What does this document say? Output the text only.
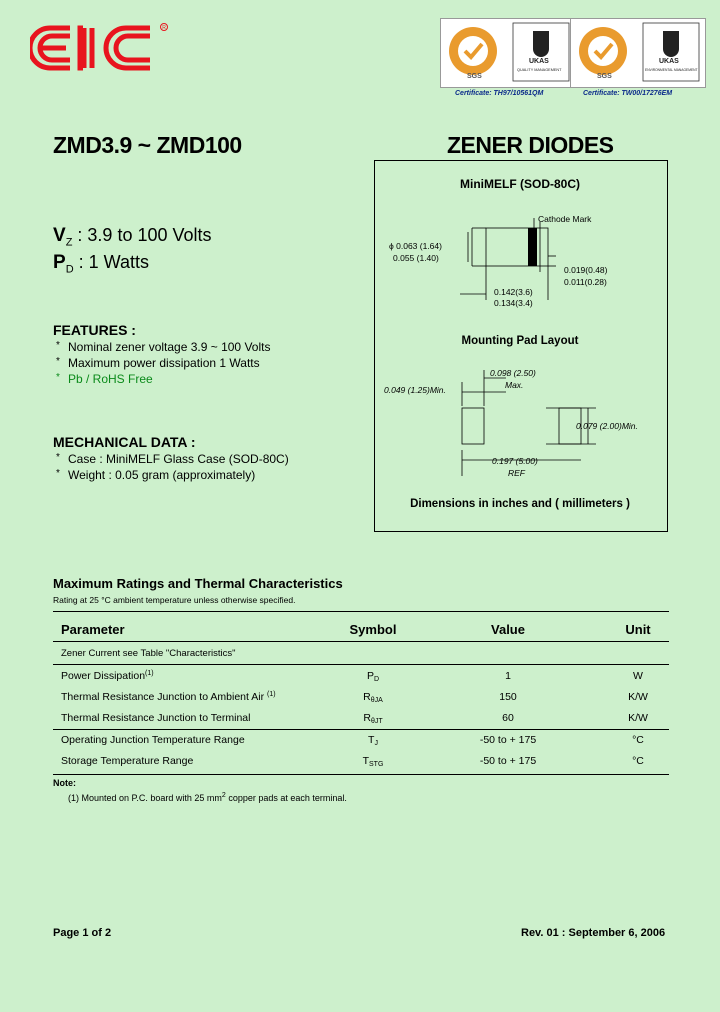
R
SGS
UKAS
QUALITY MANAGEMENT
Certificate: TH97/10561QM
SGS
UKAS
ENVIRONMENTAL MANAGEMENT
Certificate: TW00/17276EM
ZMD3.9 ~ ZMD100	ZENER DIODES
$V_Z$ : 3.9 to 100 Volts
$P_D$ : 1 Watts
FEATURES :
* Nominal zener voltage 3.9 ~ 100 Volts
* Maximum power dissipation 1 Watts
* Pb / RoHS Free
MECHANICAL DATA :
* Case : MiniMELF Glass Case (SOD-80C)
* Weight : 0.05 gram (approximately)
MiniMELF (SOD-80C)
Cathode Mark
ϕ 0.063 (1.64)
0.055 (1.40)
0.019(0.48)
0.011(0.28)
0.142(3.6)
0.134(3.4)
Mounting Pad Layout
0.098 (2.50)
Max.
0.049 (1.25)Min.
0.079 (2.00)Min.
0.197 (5.00)
REF
Dimensions in inches and ( millimeters )
Maximum Ratings and Thermal Characteristics
Rating at 25 °C ambient temperature unless otherwise specified.
Parameter	Symbol	Value	Unit
Zener Current see Table "Characteristics"
Power Dissipation$^{(1)}$	$P_D$	1	W
Thermal Resistance Junction to Ambient Air $^{(1)}$	$R_{\theta JA}$	150	K/W
Thermal Resistance Junction to Terminal	$R_{\theta JT}$	60	K/W
Operating Junction Temperature Range	$T_J$	-50 to + 175	°C
Storage Temperature Range	$T_{STG}$	-50 to + 175	°C
Note:
(1) Mounted on P.C. board with 25 $mm^2$ copper pads at each terminal.
Page 1 of 2	Rev. 01 : September 6, 2006
